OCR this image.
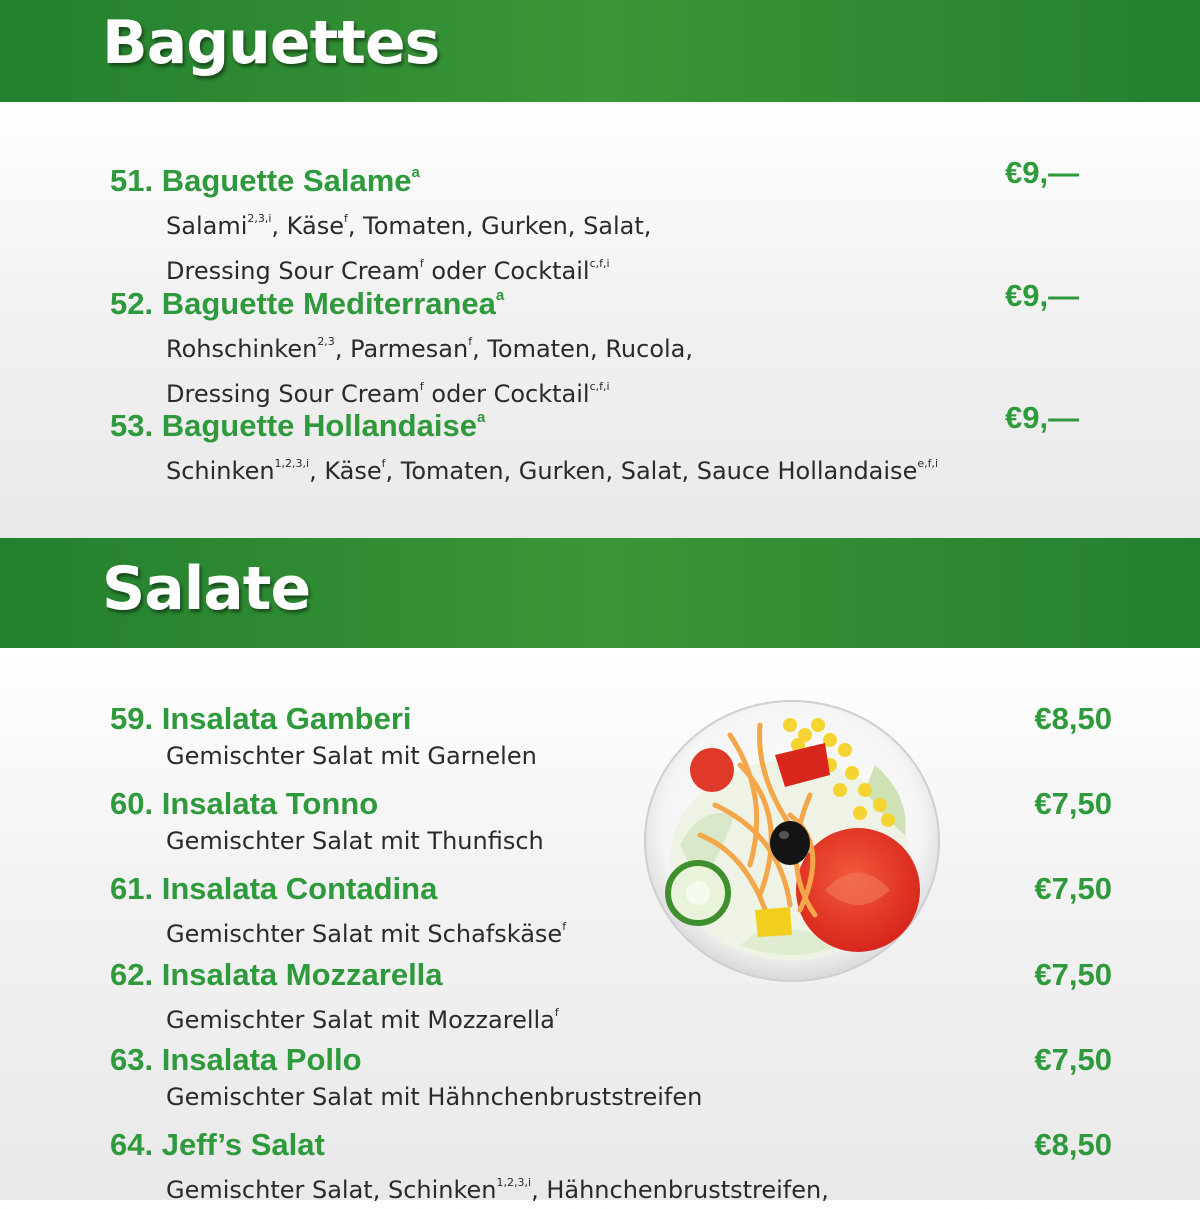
Baguettes
51. Baguette Salame$^a$
Salami$^{2,3,i}$, Käse$^f$, Tomaten, Gurken, Salat,
Dressing Sour Cream$^f$ oder Cocktail$^{c,f,i}$
€9,—
52. Baguette Mediterranea$^a$
Rohschinken$^{2,3}$, Parmesan$^f$, Tomaten, Rucola,
Dressing Sour Cream$^f$ oder Cocktail$^{c,f,i}$
€9,—
53. Baguette Hollandaise$^a$
Schinken$^{1,2,3,i}$, Käse$^f$, Tomaten, Gurken, Salat, Sauce Hollandaise$^{e,f,i}$
€9,—
Salate
59. Insalata Gamberi
Gemischter Salat mit Garnelen
€8,50
60. Insalata Tonno
Gemischter Salat mit Thunfisch
€7,50
61. Insalata Contadina
Gemischter Salat mit Schafskäse$^f$
€7,50
62. Insalata Mozzarella
Gemischter Salat mit Mozzarella$^f$
€7,50
63. Insalata Pollo
Gemischter Salat mit Hähnchenbruststreifen
€7,50
64. Jeff’s Salat
Gemischter Salat, Schinken$^{1,2,3,i}$, Hähnchenbruststreifen,
€8,50
